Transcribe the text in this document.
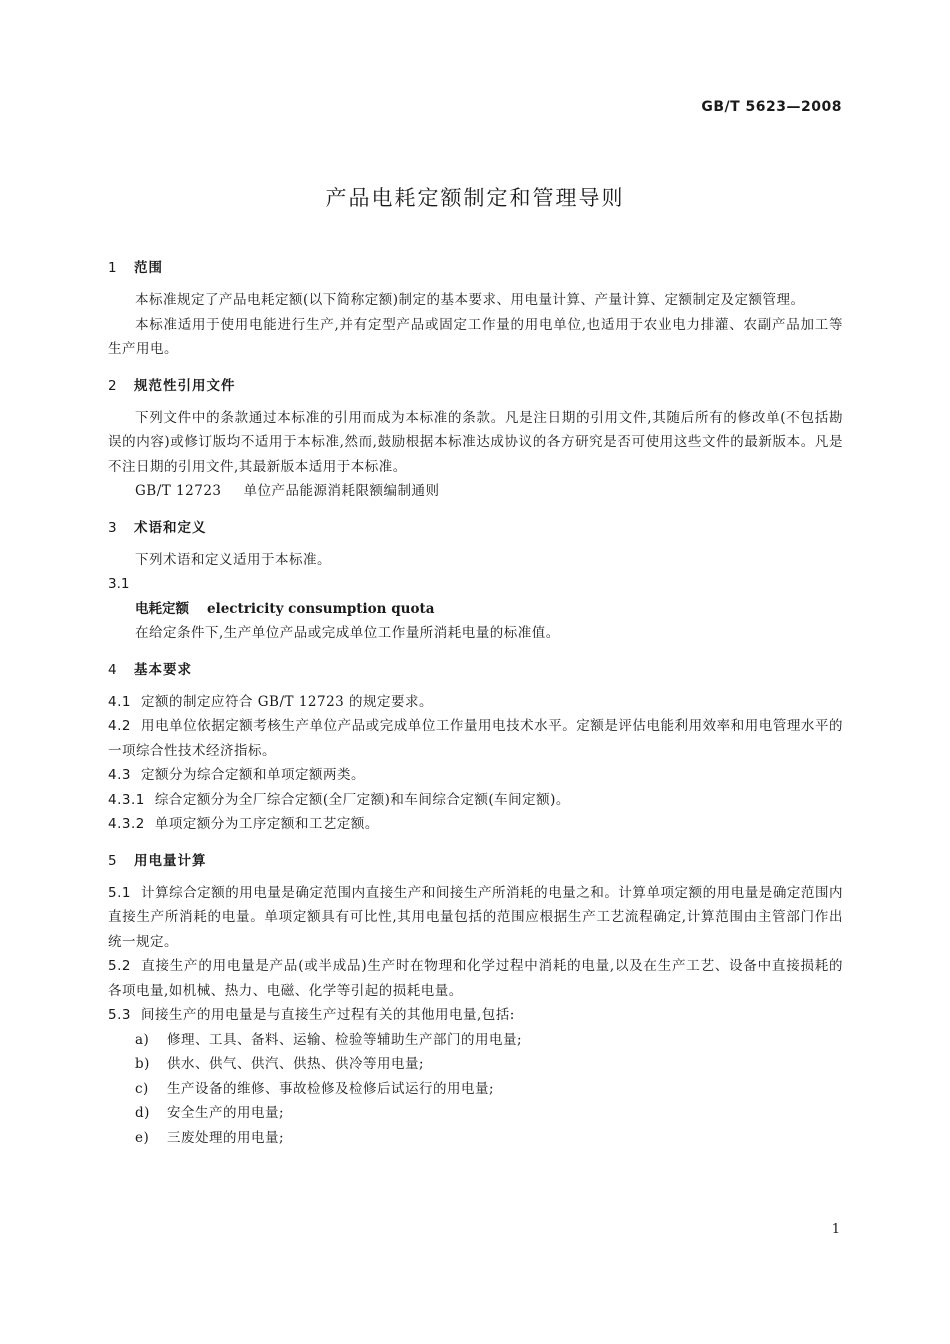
GB/T 5623—2008
产品电耗定额制定和管理导则
1 范围

本标准规定了产品电耗定额(以下简称定额)制定的基本要求、用电量计算、产量计算、定额制定及定额管理。

本标准适用于使用电能进行生产,并有定型产品或固定工作量的用电单位,也适用于农业电力排灌、农副产品加工等生产用电。

2 规范性引用文件

下列文件中的条款通过本标准的引用而成为本标准的条款。凡是注日期的引用文件,其随后所有的修改单(不包括勘误的内容)或修订版均不适用于本标准,然而,鼓励根据本标准达成协议的各方研究是否可使用这些文件的最新版本。凡是不注日期的引用文件,其最新版本适用于本标准。

GB/T 12723 单位产品能源消耗限额编制通则

3 术语和定义

下列术语和定义适用于本标准。

3.1

电耗定额 electricity consumption quota

在给定条件下,生产单位产品或完成单位工作量所消耗电量的标准值。

4 基本要求

4.1 定额的制定应符合 GB/T 12723 的规定要求。

4.2 用电单位依据定额考核生产单位产品或完成单位工作量用电技术水平。定额是评估电能利用效率和用电管理水平的一项综合性技术经济指标。

4.3 定额分为综合定额和单项定额两类。

4.3.1 综合定额分为全厂综合定额(全厂定额)和车间综合定额(车间定额)。

4.3.2 单项定额分为工序定额和工艺定额。

5 用电量计算

5.1 计算综合定额的用电量是确定范围内直接生产和间接生产所消耗的电量之和。计算单项定额的用电量是确定范围内直接生产所消耗的电量。单项定额具有可比性,其用电量包括的范围应根据生产工艺流程确定,计算范围由主管部门作出统一规定。

5.2 直接生产的用电量是产品(或半成品)生产时在物理和化学过程中消耗的电量,以及在生产工艺、设备中直接损耗的各项电量,如机械、热力、电磁、化学等引起的损耗电量。

5.3 间接生产的用电量是与直接生产过程有关的其他用电量,包括:

a) 修理、工具、备料、运输、检验等辅助生产部门的用电量;

b) 供水、供气、供汽、供热、供冷等用电量;

c) 生产设备的维修、事故检修及检修后试运行的用电量;

d) 安全生产的用电量;

e) 三废处理的用电量;

1
